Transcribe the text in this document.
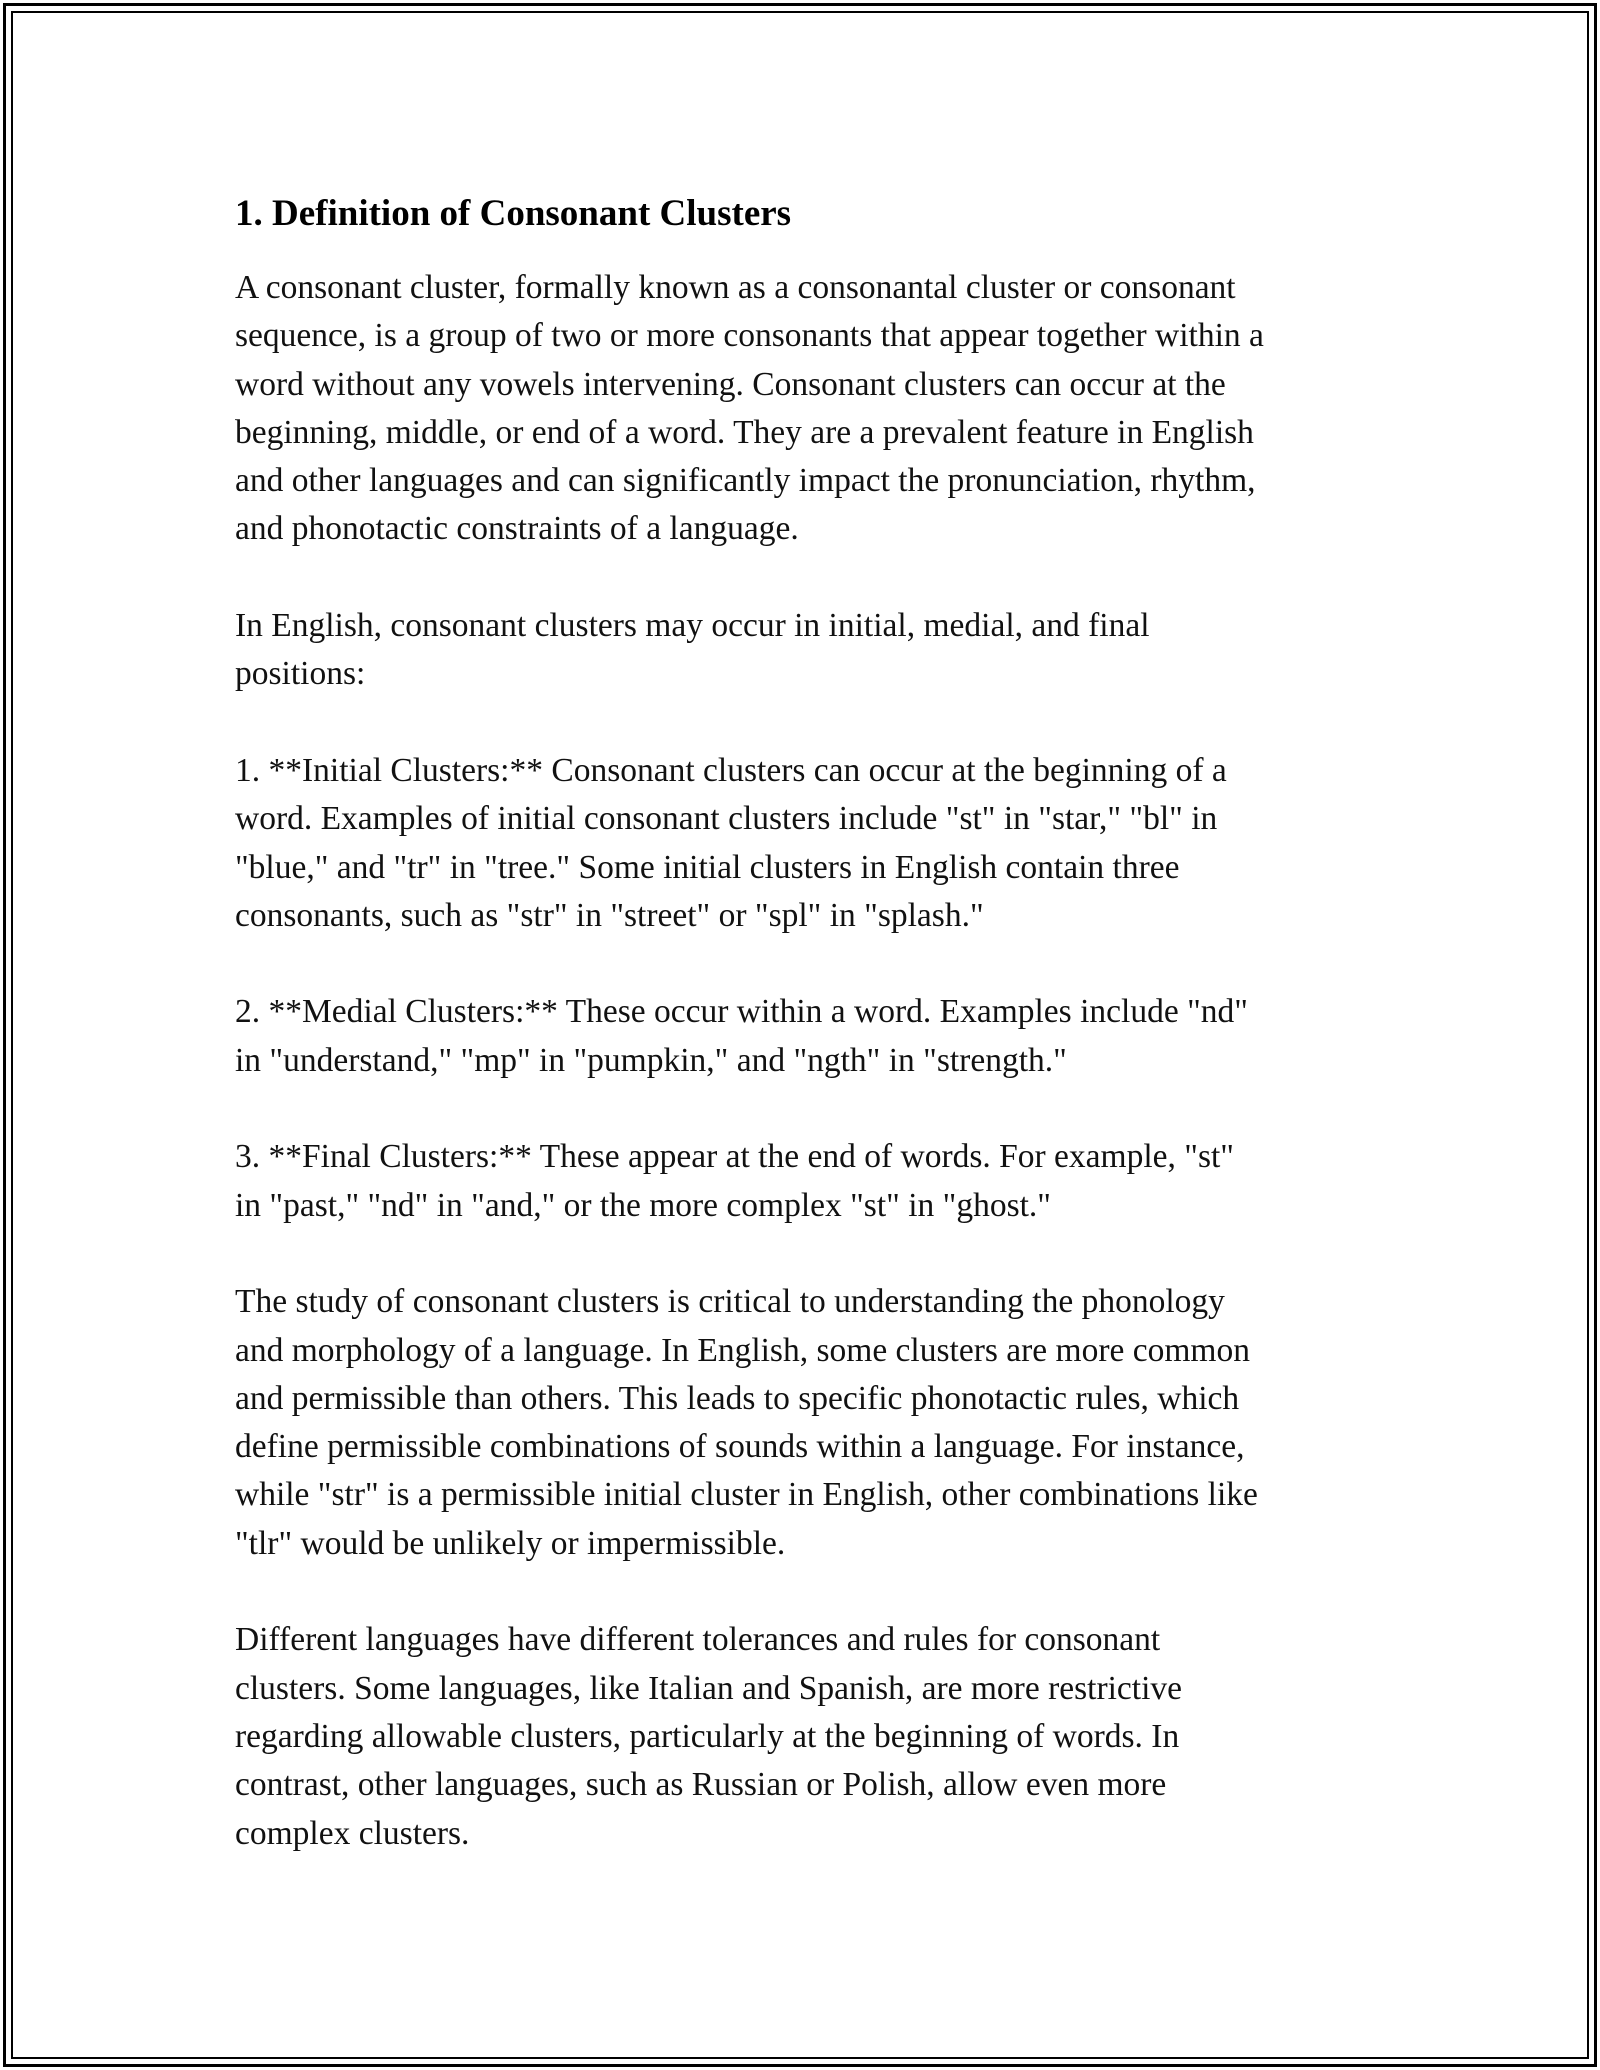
1. Definition of Consonant Clusters

A consonant cluster, formally known as a consonantal cluster or consonant
sequence, is a group of two or more consonants that appear together within a
word without any vowels intervening. Consonant clusters can occur at the
beginning, middle, or end of a word. They are a prevalent feature in English
and other languages and can significantly impact the pronunciation, rhythm,
and phonotactic constraints of a language.

In English, consonant clusters may occur in initial, medial, and final
positions:

1. **Initial Clusters:** Consonant clusters can occur at the beginning of a
word. Examples of initial consonant clusters include "st" in "star," "bl" in
"blue," and "tr" in "tree." Some initial clusters in English contain three
consonants, such as "str" in "street" or "spl" in "splash."

2. **Medial Clusters:** These occur within a word. Examples include "nd"
in "understand," "mp" in "pumpkin," and "ngth" in "strength."

3. **Final Clusters:** These appear at the end of words. For example, "st"
in "past," "nd" in "and," or the more complex "st" in "ghost."

The study of consonant clusters is critical to understanding the phonology
and morphology of a language. In English, some clusters are more common
and permissible than others. This leads to specific phonotactic rules, which
define permissible combinations of sounds within a language. For instance,
while "str" is a permissible initial cluster in English, other combinations like
"tlr" would be unlikely or impermissible.

Different languages have different tolerances and rules for consonant
clusters. Some languages, like Italian and Spanish, are more restrictive
regarding allowable clusters, particularly at the beginning of words. In
contrast, other languages, such as Russian or Polish, allow even more
complex clusters.
